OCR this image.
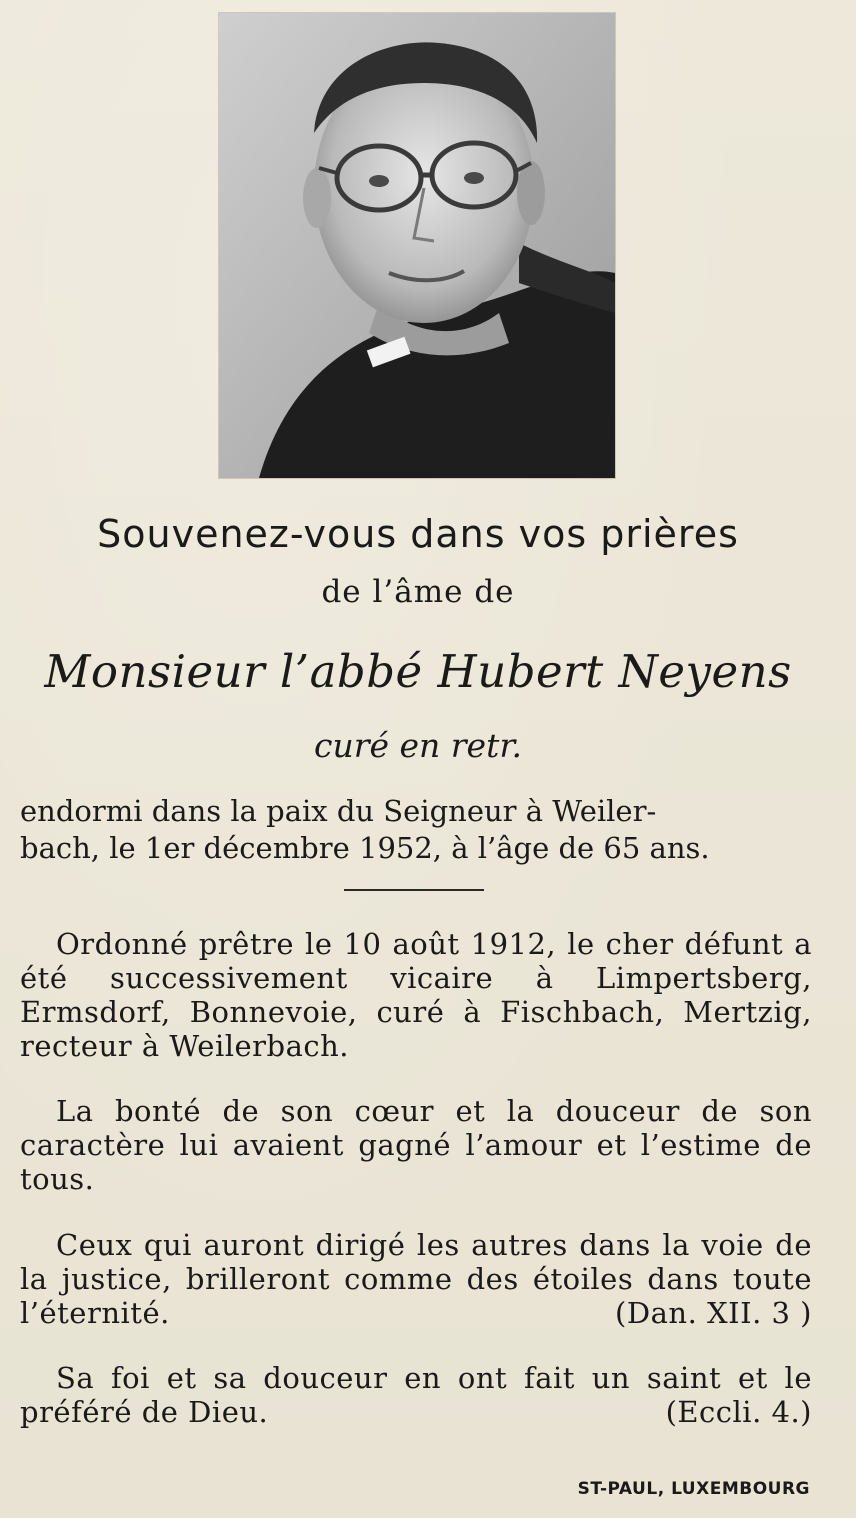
Souvenez-vous dans vos prières
de l’âme de
Monsieur l’abbé Hubert Neyens
curé en retr.
endormi dans la paix du Seigneur à Weiler-
bach, le 1er décembre 1952, à l’âge de 65 ans.
Ordonné prêtre le 10 août 1912, le cher défunt a été successivement vicaire à Limpertsberg, Ermsdorf, Bonnevoie, curé à Fischbach, Mertzig, recteur à Weilerbach.
La bonté de son cœur et la douceur de son caractère lui avaient gagné l’amour et l’estime de tous.
Ceux qui auront dirigé les autres dans la voie de la justice, brilleront comme des étoiles dans toute l’éternité.	(Dan. XII. 3 )
Sa foi et sa douceur en ont fait un saint et le préféré de Dieu.	(Eccli. 4.)
ST-PAUL, LUXEMBOURG
